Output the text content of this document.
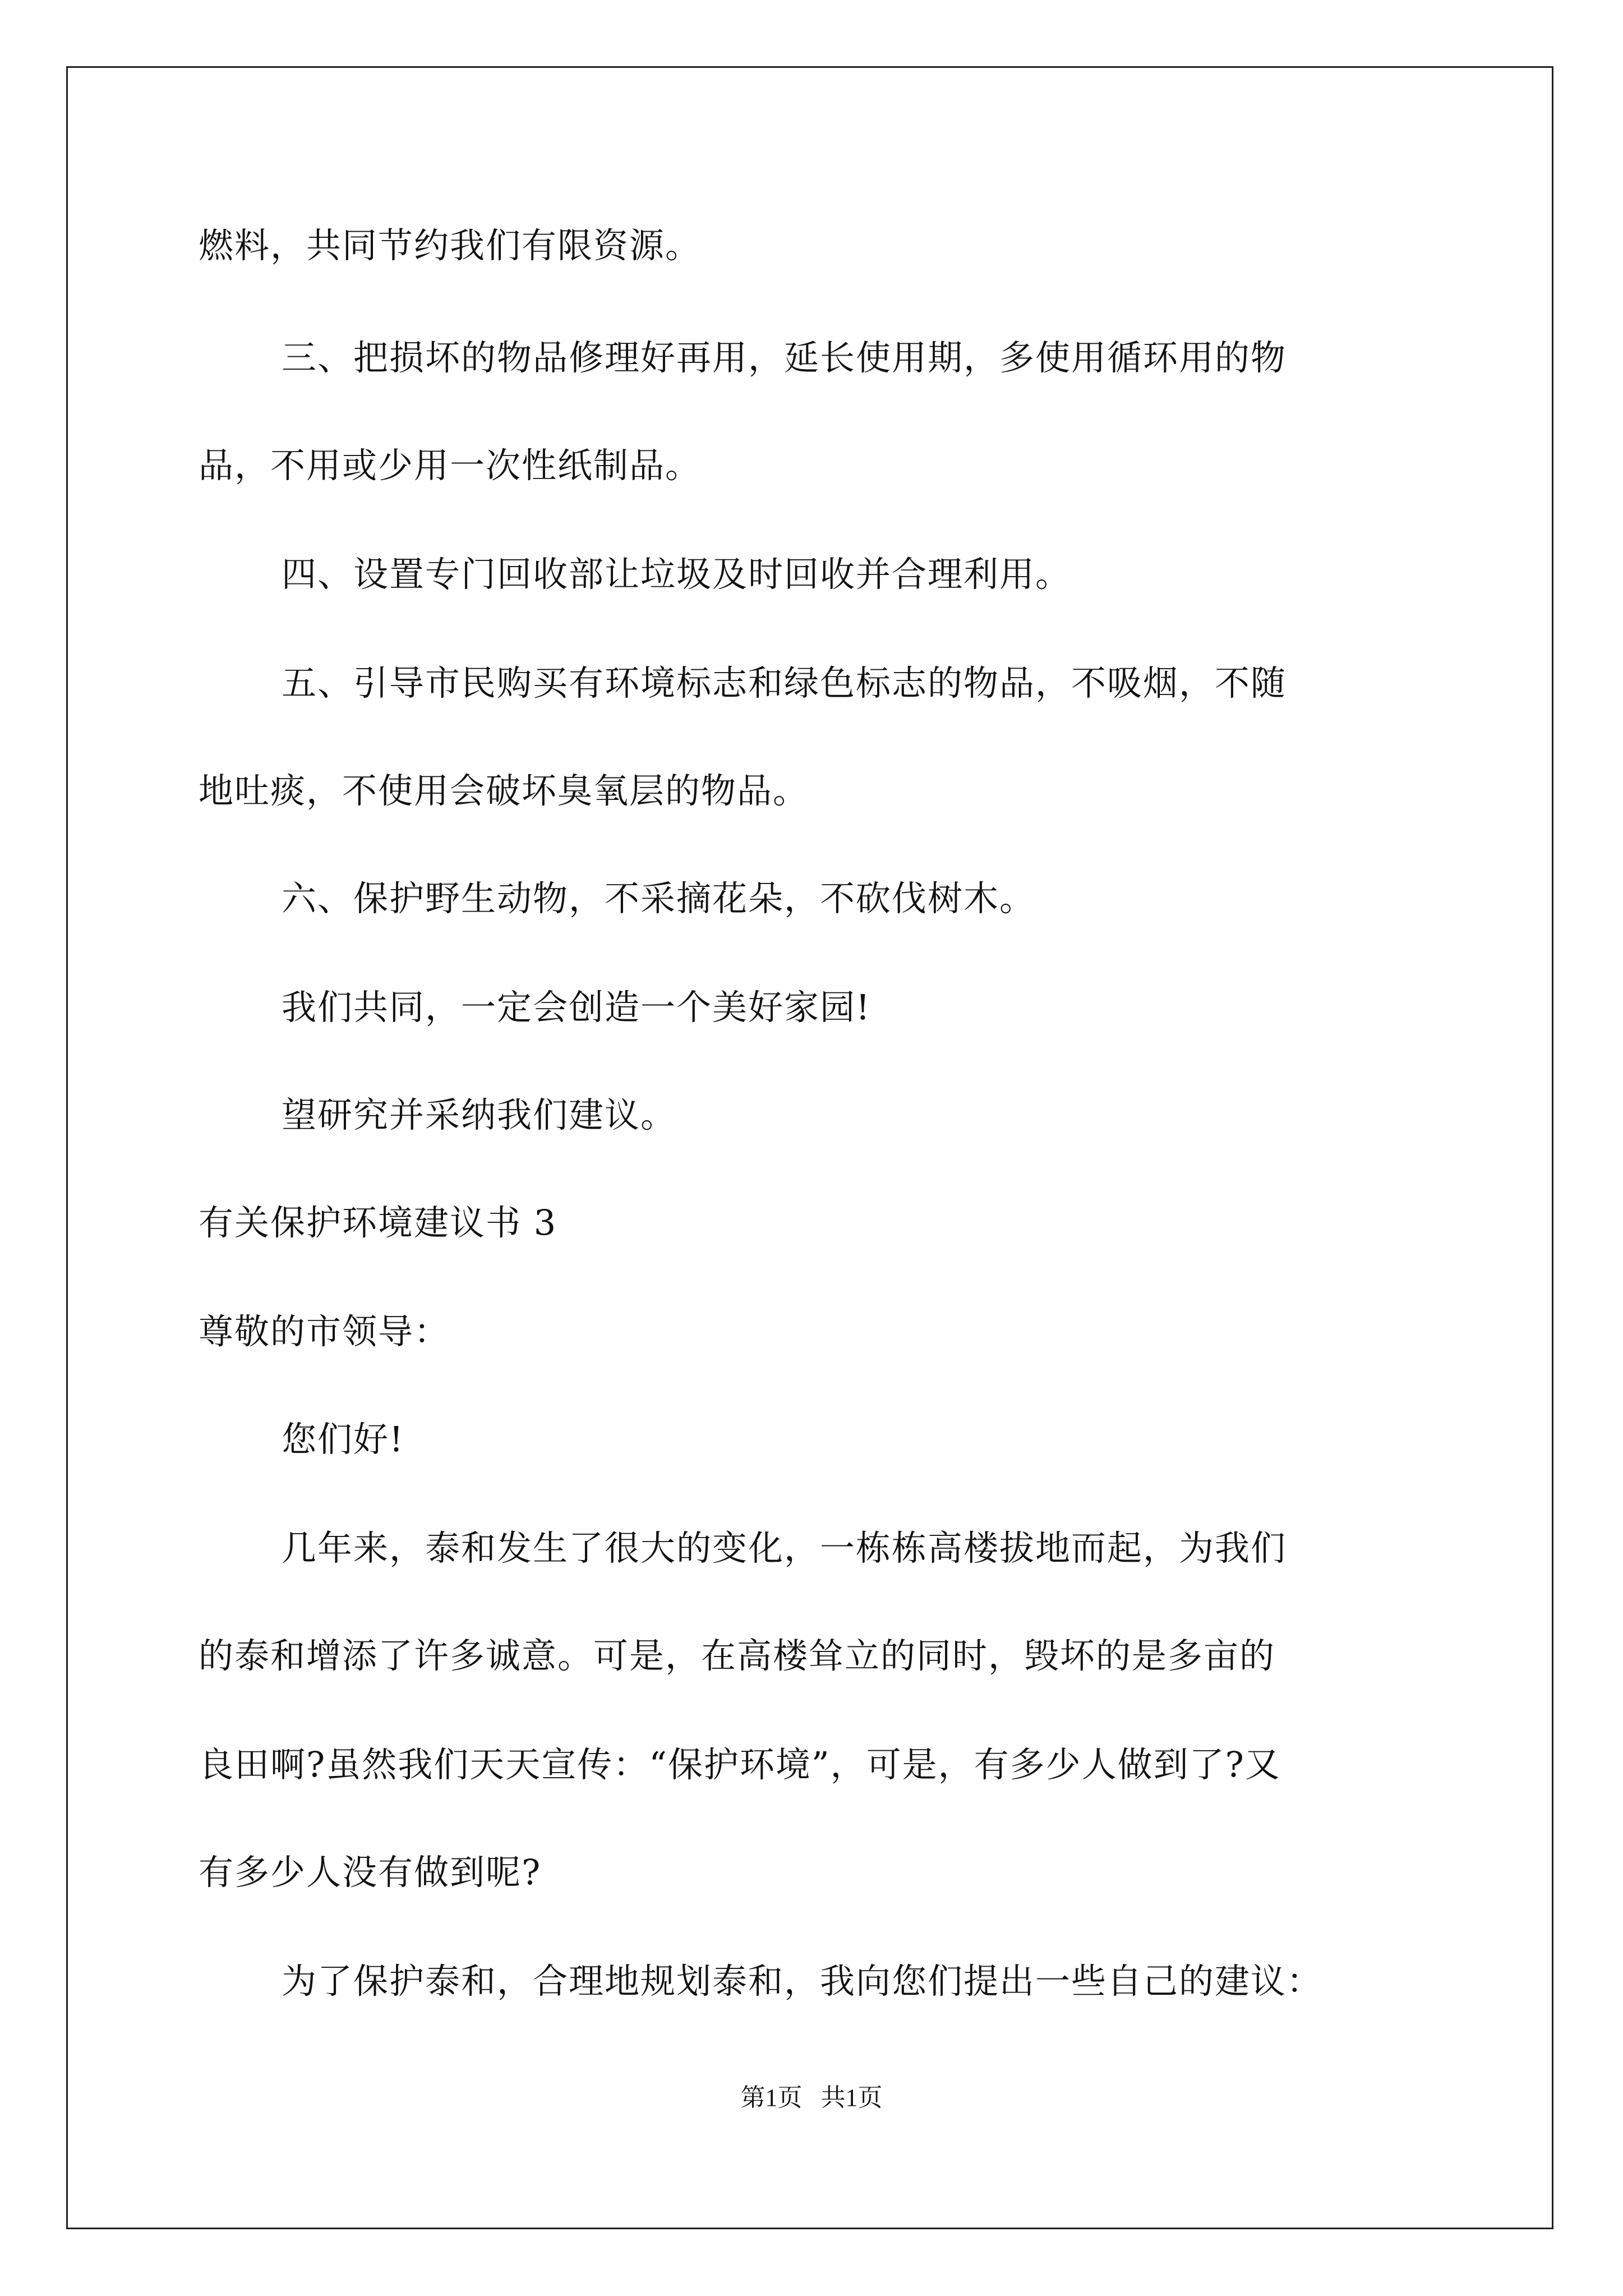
燃料，共同节约我们有限资源。
三、把损坏的物品修理好再用，延长使用期，多使用循环用的物
品，不用或少用一次性纸制品。
四、设置专门回收部让垃圾及时回收并合理利用。
五、引导市民购买有环境标志和绿色标志的物品，不吸烟，不随
地吐痰，不使用会破坏臭氧层的物品。
六、保护野生动物，不采摘花朵，不砍伐树木。
我们共同，一定会创造一个美好家园!
望研究并采纳我们建议。
有关保护环境建议书 3
尊敬的市领导：
您们好!
几年来，泰和发生了很大的变化，一栋栋高楼拔地而起，为我们
的泰和增添了许多诚意。可是，在高楼耸立的同时，毁坏的是多亩的
良田啊?虽然我们天天宣传：“保护环境”，可是，有多少人做到了?又
有多少人没有做到呢?
为了保护泰和，合理地规划泰和，我向您们提出一些自己的建议：
第1页   共1页
